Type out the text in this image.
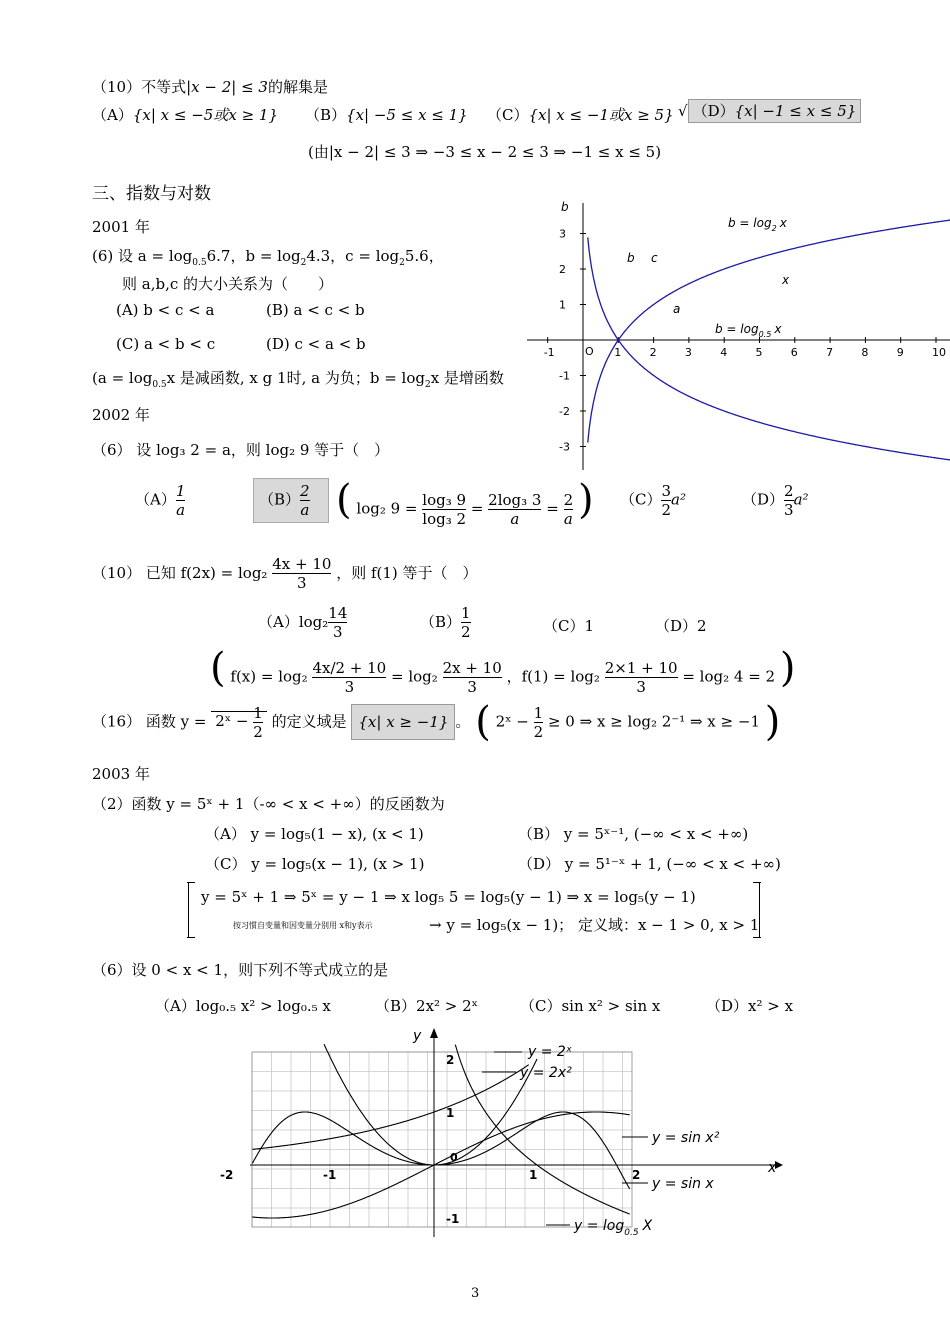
（10）不等式|x − 2| ≤ 3的解集是
（A）{x| x ≤ −5或x ≥ 1} （B）{x| −5 ≤ x ≤ 1} （C）{x| x ≤ −1或x ≥ 5} √ （D）{x| −1 ≤ x ≤ 5}
(由|x − 2| ≤ 3 ⇒ −3 ≤ x − 2 ≤ 3 ⇒ −1 ≤ x ≤ 5)
三、指数与对数
2001 年
(6) 设 $a = \log_{0.5}6.7$，$b = \log_24.3$，$c = \log_25.6$，
则 a,b,c 的大小关系为（　　）
(A) b < c < a	(B) a < c < b
(C) a < b < c	(D) c < a < b
($a = \log_{0.5}x$ 是减函数, x g 1时, a 为负；$b = \log_2x$ 是增函数
-1	1	2	3	4	5	6	7	8	9	10
3
2
1
-1
-2
-3
b
O
$b = \log_2 x$
$b = \log_{0.5} x$
b c
a
x
2002 年
（6） 设 log₃ 2 = a，则 log₂ 9 等于（　）
$(A) \frac{1}{a}$	$(B) \frac{2}{a}$ ( log₂ $9 = \frac{\text{log₃ 9}}{\text{log₃ 2}} = \frac{\text{2log₃ 3}}{a} = \frac{2}{a}$ ) $(C) \frac{3}{2} a^2$	$(D) \frac{2}{3} a^2$
（10） 已知 $f(2x) = \log_2 \frac{4x + 10}{3}$ ，则 f(1) 等于（　）
$(A)\log_2 \frac{14}{3}$	$(B) \frac{1}{2}$	（C）1	（D）2
( $f(x) = \log_2 \frac{4x/2 + 10}{3} = \log_2 \frac{2x + 10}{3}$ ，$f(1) = \log_2 \frac{2\times 1 + 10}{3} = \log_2$ 4 = 2 )
（16） 函数 y = 2ˣ − $\frac{1}{2}$ 的定义域是 {x| x ≥ −1} 。 ( 2ˣ − $\frac{1}{2} \ge 0$ ⇒ x ≥ log₂ 2⁻¹ ⇒ x ≥ −1 )
2003 年
（2）函数 y = 5ˣ + 1（-∞ < x < +∞）的反函数为
（A） y = log₅(1 − x), (x < 1)	（B） y = 5ˣ⁻¹, (−∞ < x < +∞)
（C） y = log₅(x − 1), (x > 1)	（D） y = 5¹⁻ˣ + 1, (−∞ < x < +∞)
y = 5ˣ + 1 ⇒ 5ˣ = y − 1 ⇒ x log₅ 5 = log₅(y − 1) ⇒ x = log₅(y − 1)
按习惯自变量和因变量分别用 x和y表示	→ y = log₅(x − 1)； 定义域：x − 1 > 0, x > 1
（6）设 0 < x < 1，则下列不等式成立的是
（A）log₀.₅ x² > log₀.₅ x	（B）2x² > 2ˣ	（C）sin x² > sin x	（D）x² > x
-2	-1	1	2
2
1
-1
y
x
0
y = 2ˣ
y = 2x²
y = sin x²
y = sin x
$y = \log_{0.5} X$
3
